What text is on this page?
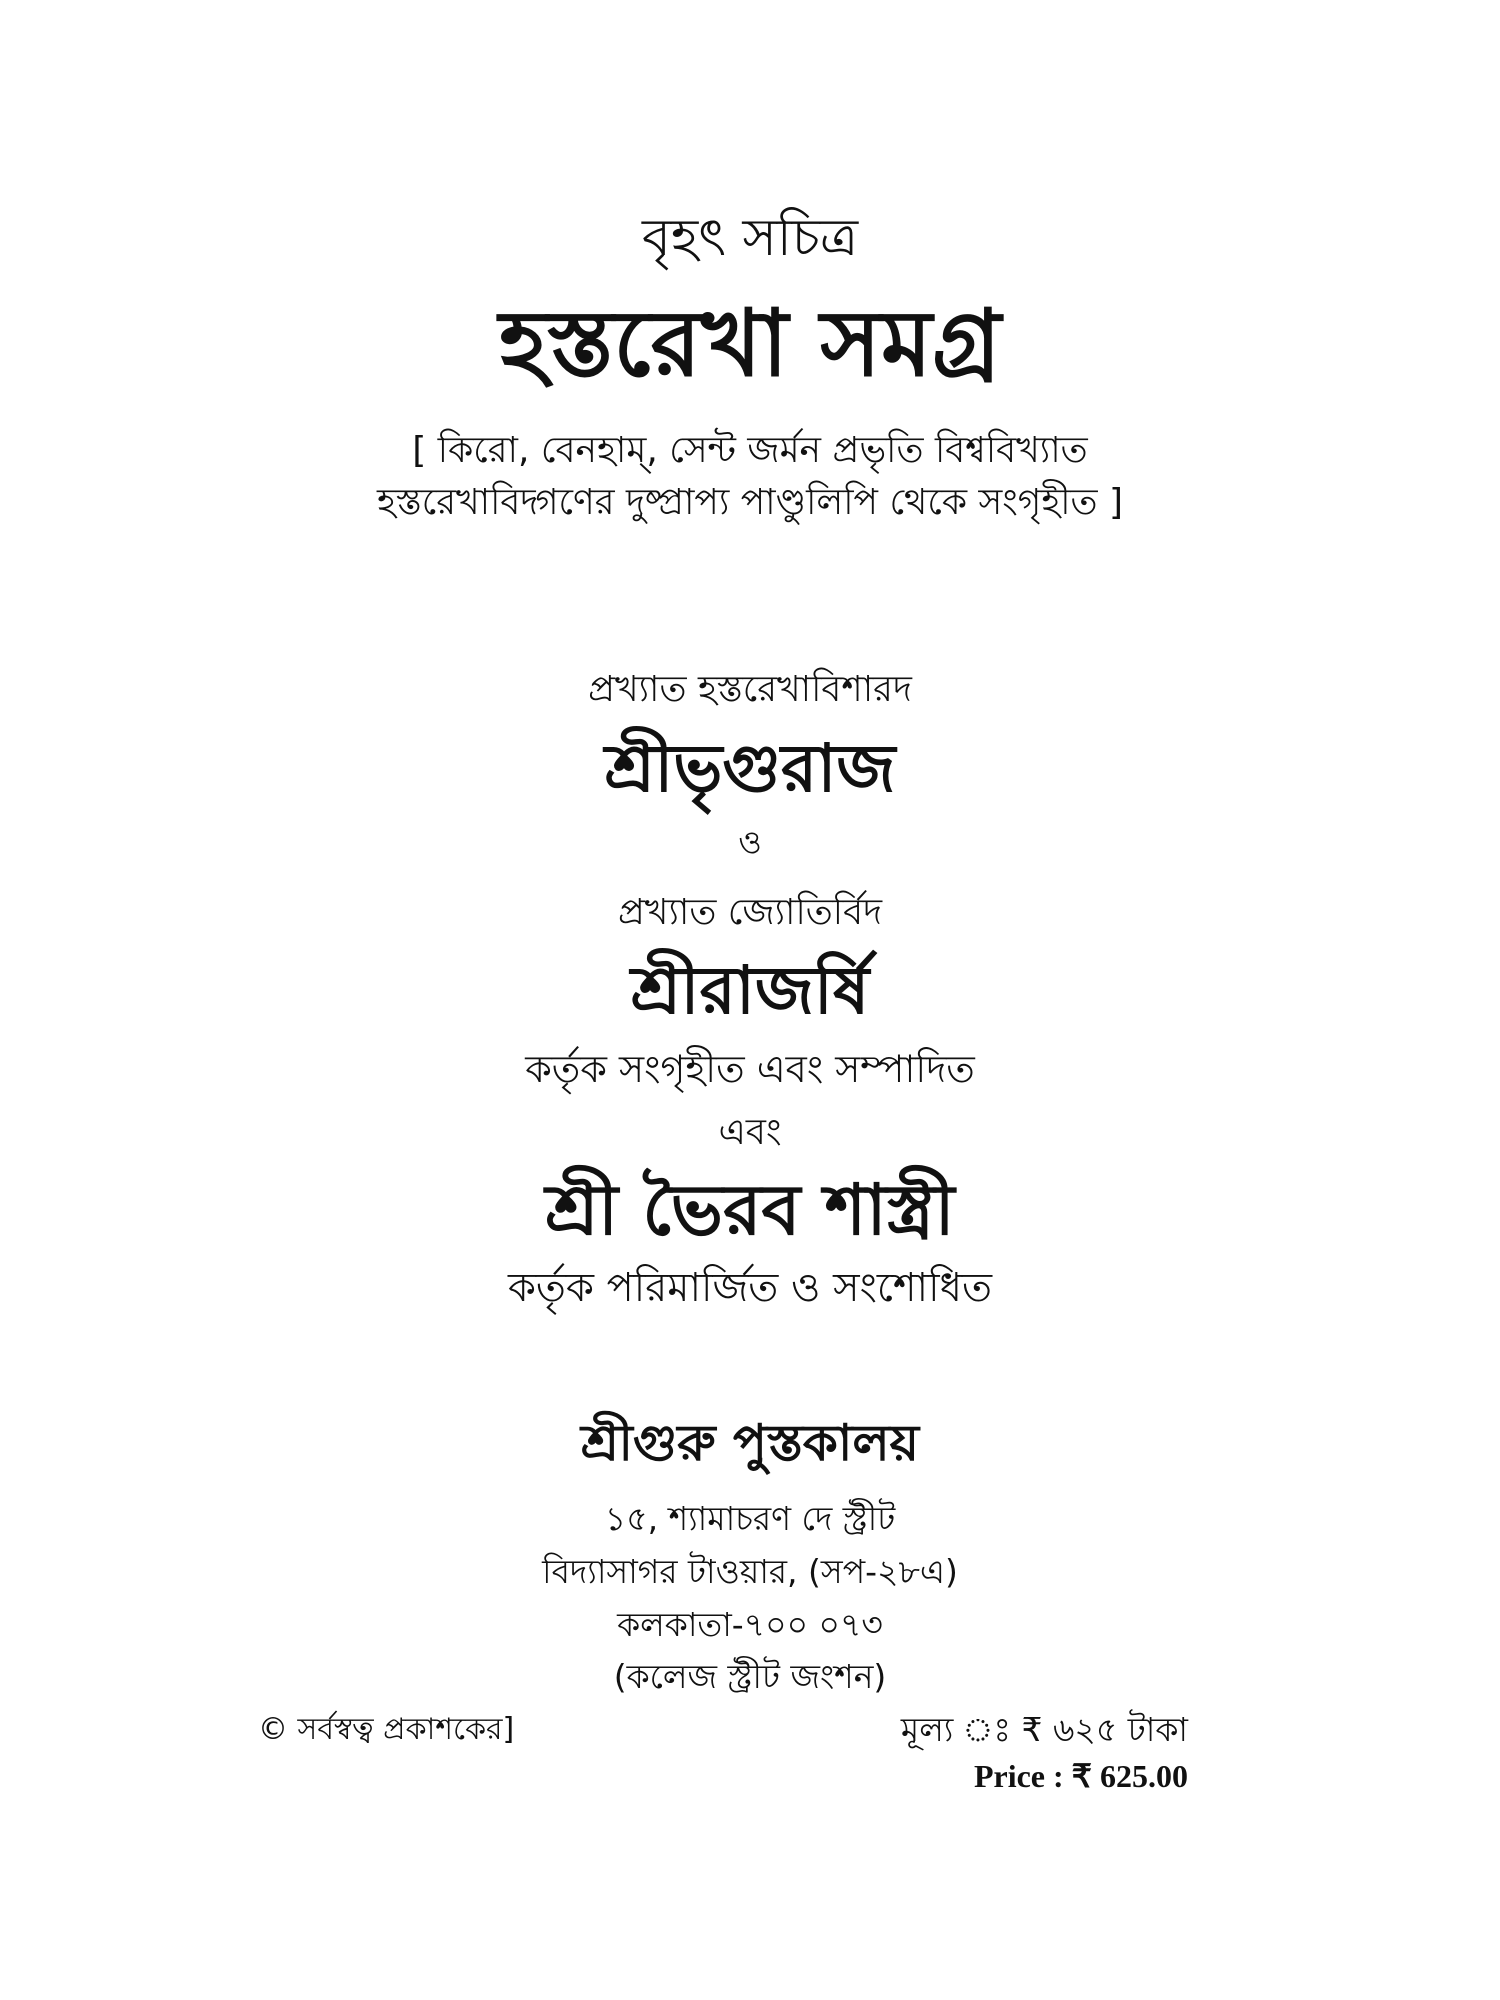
বৃহৎ সচিত্র
হস্তরেখা সমগ্র
[ কিরো, বেনহাম্, সেন্ট জর্মন প্রভৃতি বিশ্ববিখ্যাত
হস্তরেখাবিদ্গণের দুষ্প্রাপ্য পাণ্ডুলিপি থেকে সংগৃহীত ]
প্রখ্যাত হস্তরেখাবিশারদ
শ্রীভৃগুরাজ
ও
প্রখ্যাত জ্যোতির্বিদ
শ্রীরাজর্ষি
কর্তৃক সংগৃহীত এবং সম্পাদিত
এবং
শ্রী ভৈরব শাস্ত্রী
কর্তৃক পরিমার্জিত ও সংশোধিত
শ্রীগুরু পুস্তকালয়
১৫, শ্যামাচরণ দে স্ট্রীট
বিদ্যাসাগর টাওয়ার, (সপ-২৮এ)
কলকাতা-৭০০ ০৭৩
(কলেজ স্ট্রীট জংশন)
© সর্বস্বত্ব প্রকাশকের]	মূল্য ঃ ₹ ৬২৫ টাকা
Price : ₹ 625.00
